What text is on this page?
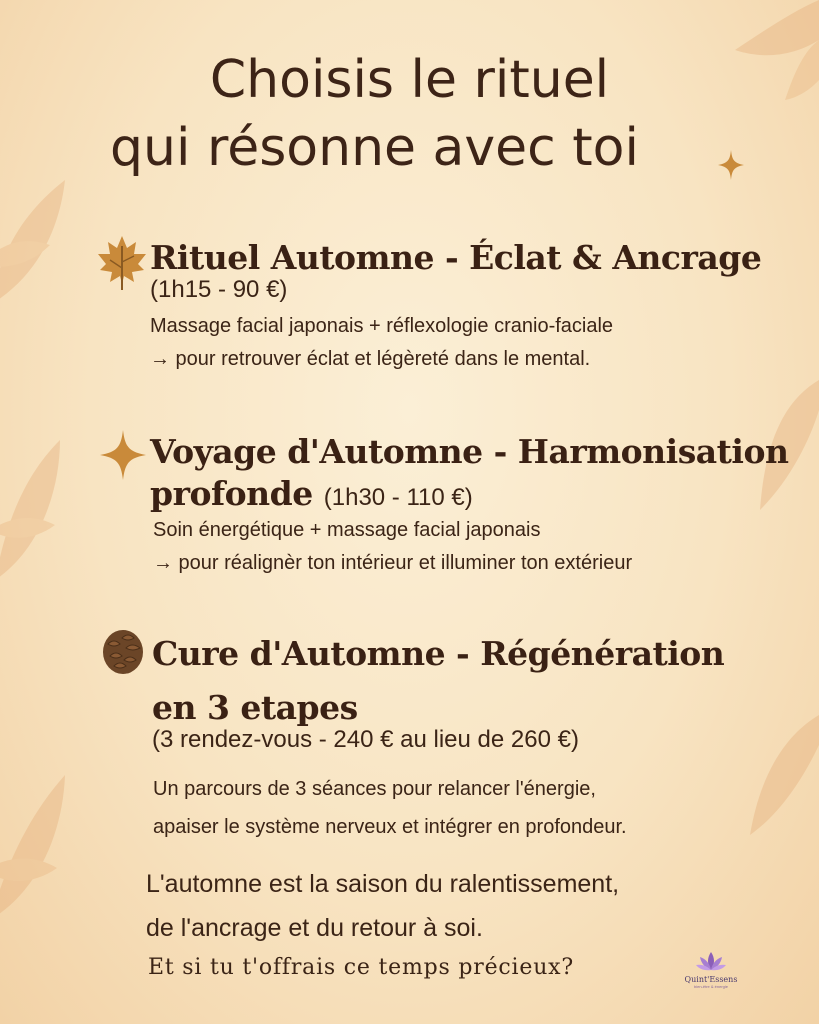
Choisis le rituel
qui résonne avec toi

Rituel Automne - Éclat & Ancrage

(1h15 - 90 €)

Massage facial japonais + réflexologie cranio-faciale

→ pour retrouver éclat et légèreté dans le mental.

Voyage d'Automne - Harmonisation

profonde (1h30 - 110 €)

Soin énergétique + massage facial japonais

→ pour réalignèr ton intérieur et illuminer ton extérieur

Cure d'Automne - Régénération

en 3 etapes

(3 rendez-vous - 240 € au lieu de 260 €)

Un parcours de 3 séances pour relancer l'énergie,

apaiser le système nerveux et intégrer en profondeur.

L'automne est la saison du ralentissement,

de l'ancrage et du retour à soi.

Et si tu t'offrais ce temps précieux?	Quint'Essens
bien-être & énergie
